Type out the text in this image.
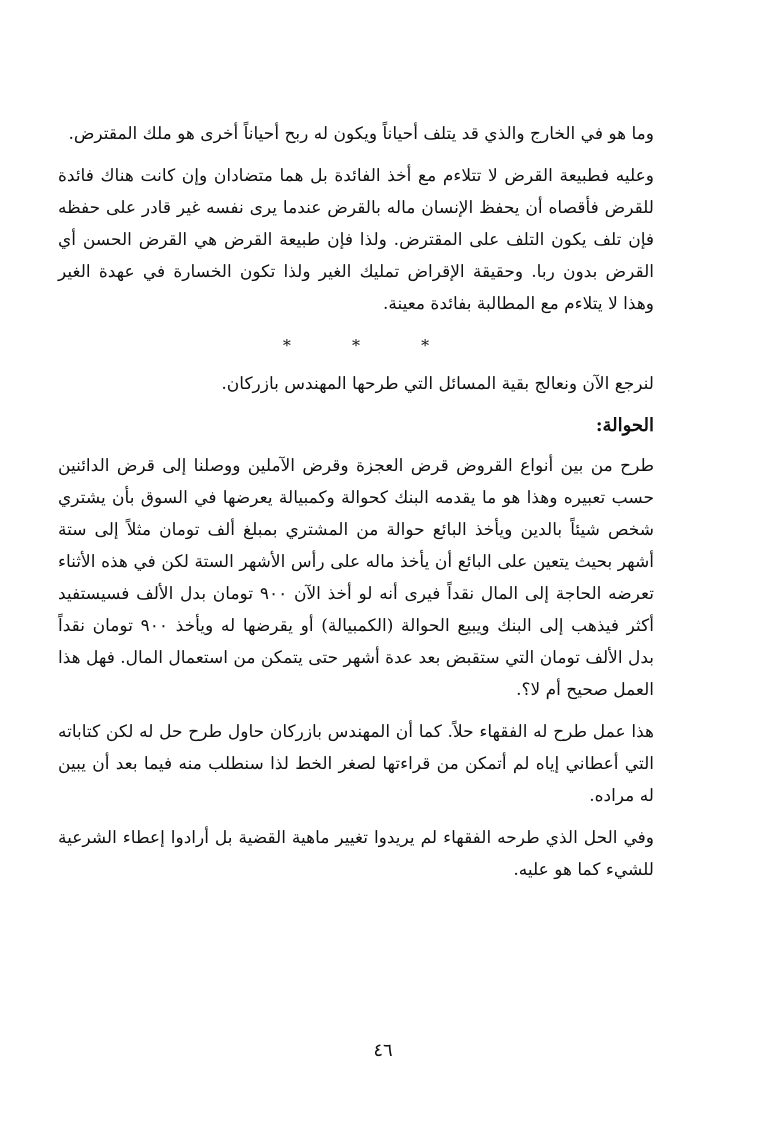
وما هو في الخارج والذي قد يتلف أحياناً ويكون له ربح أحياناً أخرى هو ملك المقترض.

وعليه فطبيعة القرض لا تتلاءم مع أخذ الفائدة بل هما متضادان وإن كانت هناك فائدة للقرض فأقصاه أن يحفظ الإنسان ماله بالقرض عندما يرى نفسه غير قادر على حفظه فإن تلف يكون التلف على المقترض. ولذا فإن طبيعة القرض هي القرض الحسن أي القرض بدون ربا. وحقيقة الإقراض تمليك الغير ولذا تكون الخسارة في عهدة الغير وهذا لا يتلاءم مع المطالبة بفائدة معينة.

* * *

لنرجع الآن ونعالج بقية المسائل التي طرحها المهندس بازركان.

الحوالة:

طرح من بين أنواع القروض قرض العجزة وقرض الآملين ووصلنا إلى قرض الدائنين حسب تعبيره وهذا هو ما يقدمه البنك كحوالة وكمبيالة يعرضها في السوق بأن يشتري شخص شيئاً بالدين ويأخذ البائع حوالة من المشتري بمبلغ ألف تومان مثلاً إلى ستة أشهر بحيث يتعين على البائع أن يأخذ ماله على رأس الأشهر الستة لكن في هذه الأثناء تعرضه الحاجة إلى المال نقداً فيرى أنه لو أخذ الآن ٩٠٠ تومان بدل الألف فسيستفيد أكثر فيذهب إلى البنك ويبيع الحوالة (الكمبيالة) أو يقرضها له ويأخذ ٩٠٠ تومان نقداً بدل الألف تومان التي ستقبض بعد عدة أشهر حتى يتمكن من استعمال المال. فهل هذا العمل صحيح أم لا؟.

هذا عمل طرح له الفقهاء حلاً. كما أن المهندس بازركان حاول طرح حل له لكن كتاباته التي أعطاني إياه لم أتمكن من قراءتها لصغر الخط لذا سنطلب منه فيما بعد أن يبين له مراده.

وفي الحل الذي طرحه الفقهاء لم يريدوا تغيير ماهية القضية بل أرادوا إعطاء الشرعية للشيء كما هو عليه.

٤٦
